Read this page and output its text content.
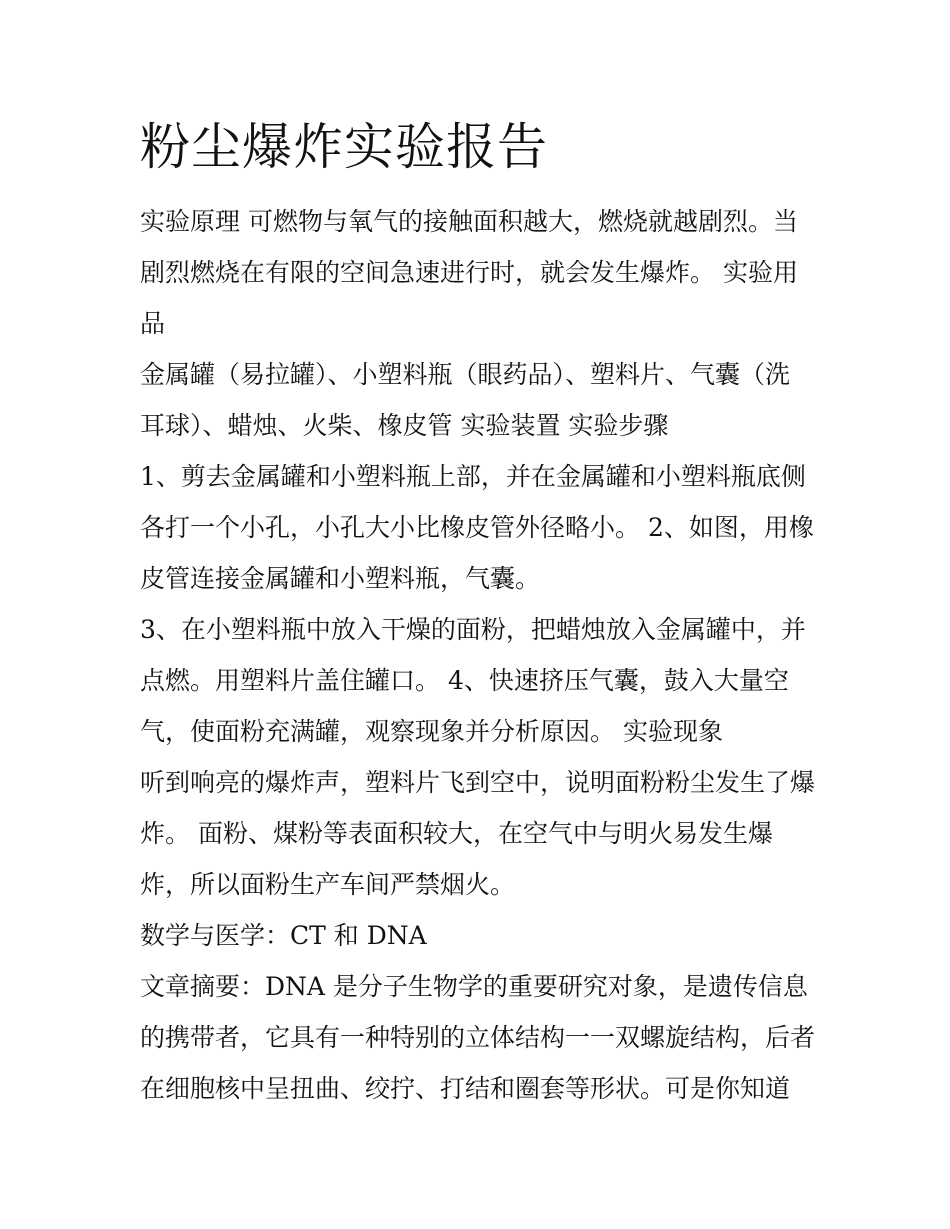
粉尘爆炸实验报告

实验原理 可燃物与氧气的接触面积越大，燃烧就越剧烈。当

剧烈燃烧在有限的空间急速进行时，就会发生爆炸。 实验用

品

金属罐（易拉罐）、小塑料瓶（眼药品）、塑料片、气囊（洗

耳球）、蜡烛、火柴、橡皮管 实验装置 实验步骤

1、剪去金属罐和小塑料瓶上部，并在金属罐和小塑料瓶底侧

各打一个小孔，小孔大小比橡皮管外径略小。 2、如图，用橡

皮管连接金属罐和小塑料瓶，气囊。

3、在小塑料瓶中放入干燥的面粉，把蜡烛放入金属罐中，并

点燃。用塑料片盖住罐口。 4、快速挤压气囊，鼓入大量空

气，使面粉充满罐，观察现象并分析原因。 实验现象

听到响亮的爆炸声，塑料片飞到空中，说明面粉粉尘发生了爆

炸。 面粉、煤粉等表面积较大，在空气中与明火易发生爆

炸，所以面粉生产车间严禁烟火。

数学与医学：CT 和 DNA

文章摘要：DNA 是分子生物学的重要研究对象，是遗传信息

的携带者，它具有一种特别的立体结构一一双螺旋结构，后者

在细胞核中呈扭曲、绞拧、打结和圈套等形状。可是你知道
